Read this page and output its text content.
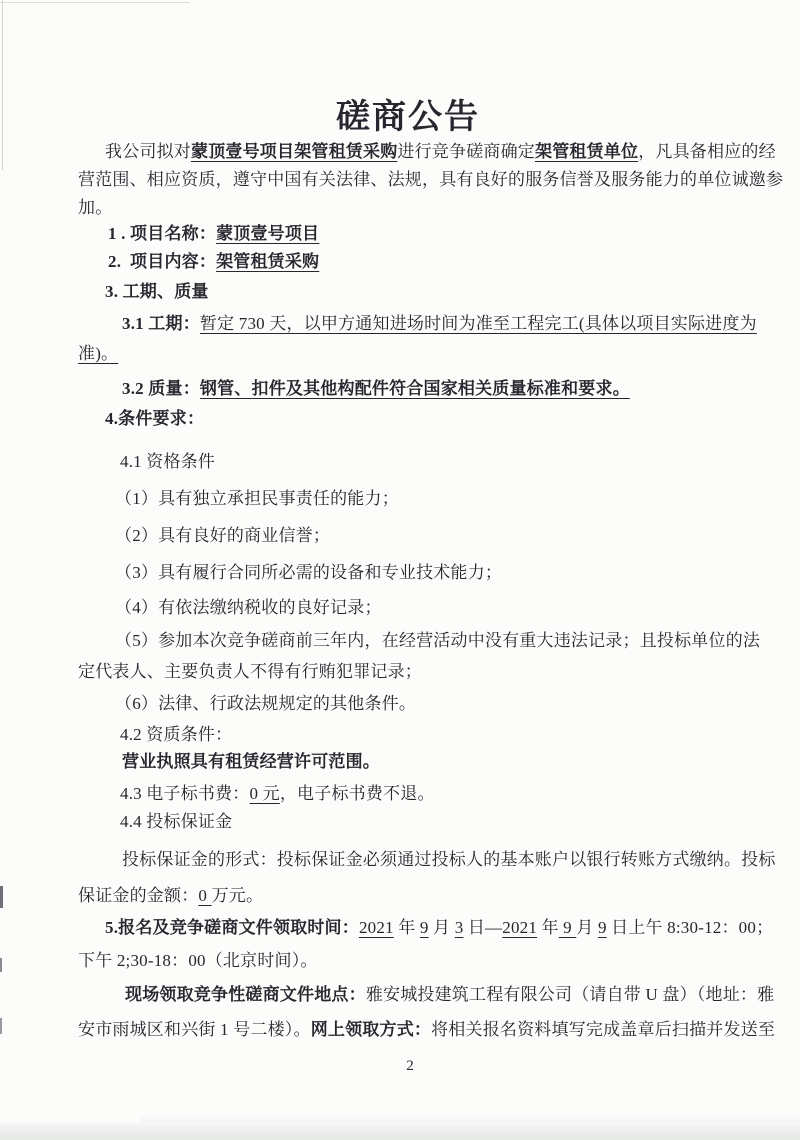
磋商公告
我公司拟对蒙顶壹号项目架管租赁采购进行竞争磋商确定架管租赁单位，凡具备相应的经
营范围、相应资质，遵守中国有关法律、法规，具有良好的服务信誉及服务能力的单位诚邀参
加。
1 . 项目名称：蒙顶壹号项目
2.  项目内容：架管租赁采购
3. 工期、质量
3.1 工期：暂定 730 天，以甲方通知进场时间为准至工程完工(具体以项目实际进度为
准)。
3.2 质量：钢管、扣件及其他构配件符合国家相关质量标准和要求。
4.条件要求：
4.1 资格条件
（1）具有独立承担民事责任的能力；
（2）具有良好的商业信誉；
（3）具有履行合同所必需的设备和专业技术能力；
（4）有依法缴纳税收的良好记录；
（5）参加本次竞争磋商前三年内，在经营活动中没有重大违法记录；且投标单位的法
定代表人、主要负责人不得有行贿犯罪记录；
（6）法律、行政法规规定的其他条件。
4.2 资质条件：
营业执照具有租赁经营许可范围。
4.3 电子标书费：0 元，电子标书费不退。
4.4 投标保证金
投标保证金的形式：投标保证金必须通过投标人的基本账户以银行转账方式缴纳。投标
保证金的金额：0 万元。
5.报名及竞争磋商文件领取时间：2021 年 9 月 3 日—2021 年 9 月 9 日上午 8:30-12：00；
下午 2;30-18：00（北京时间）。
现场领取竞争性磋商文件地点：雅安城投建筑工程有限公司（请自带 U 盘）（地址：雅
安市雨城区和兴街 1 号二楼）。网上领取方式：将相关报名资料填写完成盖章后扫描并发送至
2
